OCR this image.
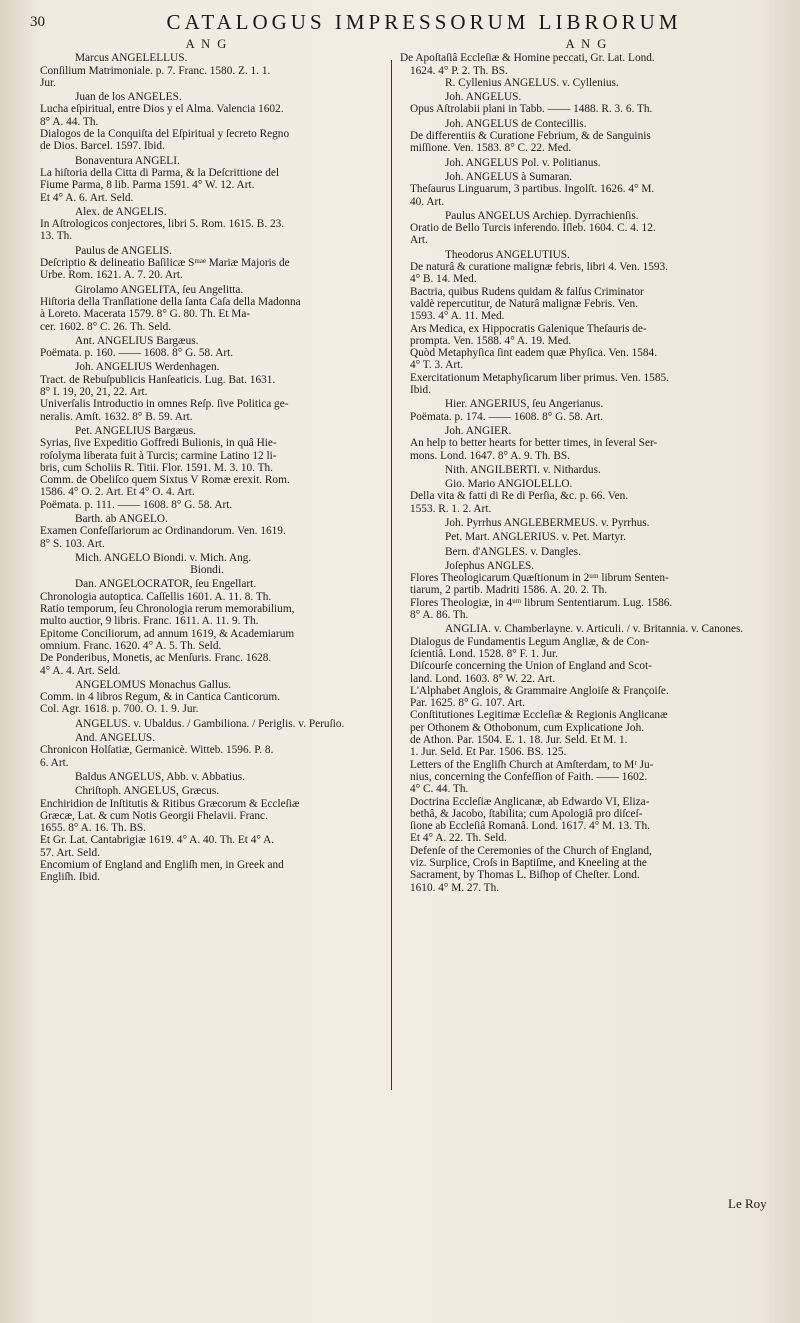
30	CATALOGUS IMPRESSORUM LIBRORUM
A N G

Marcus ANGELELLUS.

Conſilium Matrimoniale. p. 7. Franc. 1580. Z. 1. 1.

Jur.

Juan de los ANGELES.

Lucha eſpiritual, entre Dios y el Alma. Valencia 1602.

8° A. 44. Th.

Dialogos de la Conquiſta del Eſpiritual y ſecreto Regno

de Dios. Barcel. 1597. Ibid.

Bonaventura ANGELI.

La hiſtoria della Citta di Parma, & la Deſcrittione del

Fiume Parma, 8 lib. Parma 1591. 4° W. 12. Art.

Et 4° A. 6. Art. Seld.

Alex. de ANGELIS.

In Aſtrologicos conjectores, libri 5. Rom. 1615. B. 23.

13. Th.

Paulus de ANGELIS.

Deſcriptio & delineatio Baſilicæ Sᵐᵃᵉ Mariæ Majoris de

Urbe. Rom. 1621. A. 7. 20. Art.

Girolamo ANGELITA, ſeu Angelitta.

Hiſtoria della Tranſlatione della ſanta Caſa della Madonna

à Loreto. Macerata 1579. 8° G. 80. Th. Et Ma-

cer. 1602. 8° C. 26. Th. Seld.

Ant. ANGELIUS Bargæus.

Poëmata. p. 160. —— 1608. 8° G. 58. Art.

Joh. ANGELIUS Werdenhagen.

Tract. de Rebuſpublicis Hanſeaticis. Lug. Bat. 1631.

8° I. 19, 20, 21, 22. Art.

Univerſalis Introductio in omnes Reſp. ſive Politica ge-

neralis. Amſt. 1632. 8° B. 59. Art.

Pet. ANGELIUS Bargæus.

Syrias, ſive Expeditio Goffredi Bulionis, in quâ Hie-

roſolyma liberata fuit à Turcis; carmine Latino 12 li-

bris, cum Scholiis R. Titii. Flor. 1591. M. 3. 10. Th.

Comm. de Obeliſco quem Sixtus V Romæ erexit. Rom.

1586. 4° O. 2. Art. Et 4° O. 4. Art.

Poëmata. p. 111. —— 1608. 8° G. 58. Art.

Barth. ab ANGELO.

Examen Confeſſariorum ac Ordinandorum. Ven. 1619.

8° S. 103. Art.

Mich. ANGELO Biondi. v. Mich. Ang.

Biondi.

Dan. ANGELOCRATOR, ſeu Engellart.

Chronologia autoptica. Caſſellis 1601. A. 11. 8. Th.

Ratio temporum, ſeu Chronologia rerum memorabilium,

multo auctior, 9 libris. Franc. 1611. A. 11. 9. Th.

Epitome Conciliorum, ad annum 1619, & Academiarum

omnium. Franc. 1620. 4° A. 5. Th. Seld.

De Ponderibus, Monetis, ac Menſuris. Franc. 1628.

4° A. 4. Art. Seld.

ANGELOMUS Monachus Gallus.

Comm. in 4 libros Regum, & in Cantica Canticorum.

Col. Agr. 1618. p. 700. O. 1. 9. Jur.

ANGELUS. v. Ubaldus. / Gambiliona. / Periglis. v. Peruſio.

And. ANGELUS.

Chronicon Holſatiæ, Germanicè. Witteb. 1596. P. 8.

6. Art.

Baldus ANGELUS, Abb. v. Abbatius.

Chriſtoph. ANGELUS, Græcus.

Enchiridion de Inſtitutis & Ritibus Græcorum & Eccleſiæ

Græcæ, Lat. & cum Notis Georgii Fhelavii. Franc.

1655. 8° A. 16. Th. BS.

Et Gr. Lat. Cantabrigiæ 1619. 4° A. 40. Th. Et 4° A.

57. Art. Seld.

Encomium of England and Engliſh men, in Greek and

Engliſh. Ibid.

A N G

De Apoſtaſiâ Eccleſiæ & Homine peccati, Gr. Lat. Lond.

1624. 4° P. 2. Th. BS.

R. Cyllenius ANGELUS. v. Cyllenius.

Joh. ANGELUS.

Opus Aſtrolabii plani in Tabb. —— 1488. R. 3. 6. Th.

Joh. ANGELUS de Contecillis.

De differentiis & Curatione Febrium, & de Sanguinis

miſſione. Ven. 1583. 8° C. 22. Med.

Joh. ANGELUS Pol. v. Politianus.

Joh. ANGELUS à Sumaran.

Theſaurus Linguarum, 3 partibus. Ingolſt. 1626. 4° M.

40. Art.

Paulus ANGELUS Archiep. Dyrrachienſis.

Oratio de Bello Turcis inferendo. Iſleb. 1604. C. 4. 12.

Art.

Theodorus ANGELUTIUS.

De naturâ & curatione malignæ febris, libri 4. Ven. 1593.

4° B. 14. Med.

Bactria, quibus Rudens quidam & falſus Criminator

valdè repercutitur, de Naturâ malignæ Febris. Ven.

1593. 4° A. 11. Med.

Ars Medica, ex Hippocratis Galenique Theſauris de-

prompta. Ven. 1588. 4° A. 19. Med.

Quòd Metaphyſica ſint eadem quæ Phyſica. Ven. 1584.

4° T. 3. Art.

Exercitationum Metaphyſicarum liber primus. Ven. 1585.

Ibid.

Hier. ANGERIUS, ſeu Angerianus.

Poëmata. p. 174. —— 1608. 8° G. 58. Art.

Joh. ANGIER.

An help to better hearts for better times, in ſeveral Ser-

mons. Lond. 1647. 8° A. 9. Th. BS.

Nith. ANGILBERTI. v. Nithardus.

Gio. Mario ANGIOLELLO.

Della vita & fatti di Re di Perſia, &c. p. 66. Ven.

1553. R. 1. 2. Art.

Joh. Pyrrhus ANGLEBERMEUS. v. Pyrrhus.

Pet. Mart. ANGLERIUS. v. Pet. Martyr.

Bern. d'ANGLES. v. Dangles.

Joſephus ANGLES.

Flores Theologicarum Quæſtionum in 2ᵘᵐ librum Senten-

tiarum, 2 partib. Madriti 1586. A. 20. 2. Th.

Flores Theologiæ, in 4ᵘᵐ librum Sententiarum. Lug. 1586.

8° A. 86. Th.

ANGLIA. v. Chamberlayne. v. Articuli. / v. Britannia. v. Canones.

Dialogus de Fundamentis Legum Angliæ, & de Con-

ſcientiâ. Lond. 1528. 8° F. 1. Jur.

Diſcourſe concerning the Union of England and Scot-

land. Lond. 1603. 8° W. 22. Art.

L'Alphabet Anglois, & Grammaire Angloiſe & Françoiſe.

Par. 1625. 8° G. 107. Art.

Conſtitutiones Legitimæ Eccleſiæ & Regionis Anglicanæ

per Othonem & Othobonum, cum Explicatione Joh.

de Athon. Par. 1504. E. 1. 18. Jur. Seld. Et M. 1.

1. Jur. Seld. Et Par. 1506. BS. 125.

Letters of the Engliſh Church at Amſterdam, to Mʳ Ju-

nius, concerning the Confeſſion of Faith. —— 1602.

4° C. 44. Th.

Doctrina Eccleſiæ Anglicanæ, ab Edwardo VI, Eliza-

bethâ, & Jacobo, ſtabilita; cum Apologiâ pro diſceſ-

ſione ab Eccleſiâ Romanâ. Lond. 1617. 4° M. 13. Th.

Et 4° A. 22. Th. Seld.

Defenſe of the Ceremonies of the Church of England,

viz. Surplice, Croſs in Baptiſme, and Kneeling at the

Sacrament, by Thomas L. Biſhop of Cheſter. Lond.

1610. 4° M. 27. Th.

Le Roy
